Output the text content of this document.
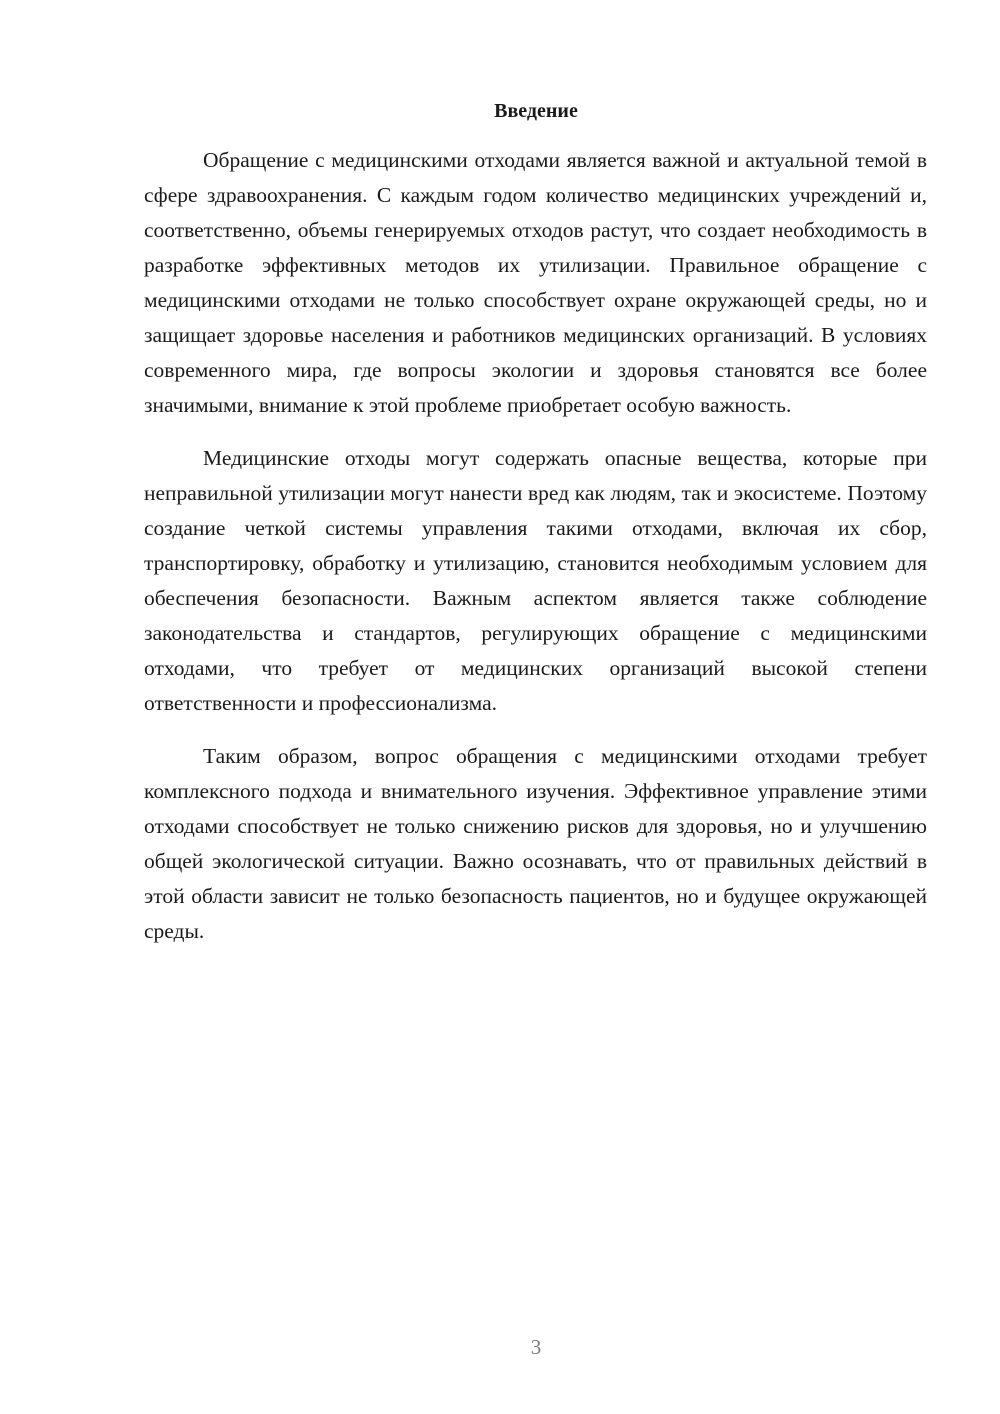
Введение

Обращение с медицинскими отходами является важной и актуальной темой в сфере здравоохранения. С каждым годом количество медицинских учреждений и, соответственно, объемы генерируемых отходов растут, что создает необходимость в разработке эффективных методов их утилизации. Правильное обращение с медицинскими отходами не только способствует охране окружающей среды, но и защищает здоровье населения и работников медицинских организаций. В условиях современного мира, где вопросы экологии и здоровья становятся все более значимыми, внимание к этой проблеме приобретает особую важность.

Медицинские отходы могут содержать опасные вещества, которые при неправильной утилизации могут нанести вред как людям, так и экосистеме. Поэтому создание четкой системы управления такими отходами, включая их сбор, транспортировку, обработку и утилизацию, становится необходимым условием для обеспечения безопасности. Важным аспектом является также соблюдение законодательства и стандартов, регулирующих обращение с медицинскими отходами, что требует от медицинских организаций высокой степени ответственности и профессионализма.

Таким образом, вопрос обращения с медицинскими отходами требует комплексного подхода и внимательного изучения. Эффективное управление этими отходами способствует не только снижению рисков для здоровья, но и улучшению общей экологической ситуации. Важно осознавать, что от правильных действий в этой области зависит не только безопасность пациентов, но и будущее окружающей среды.

3
